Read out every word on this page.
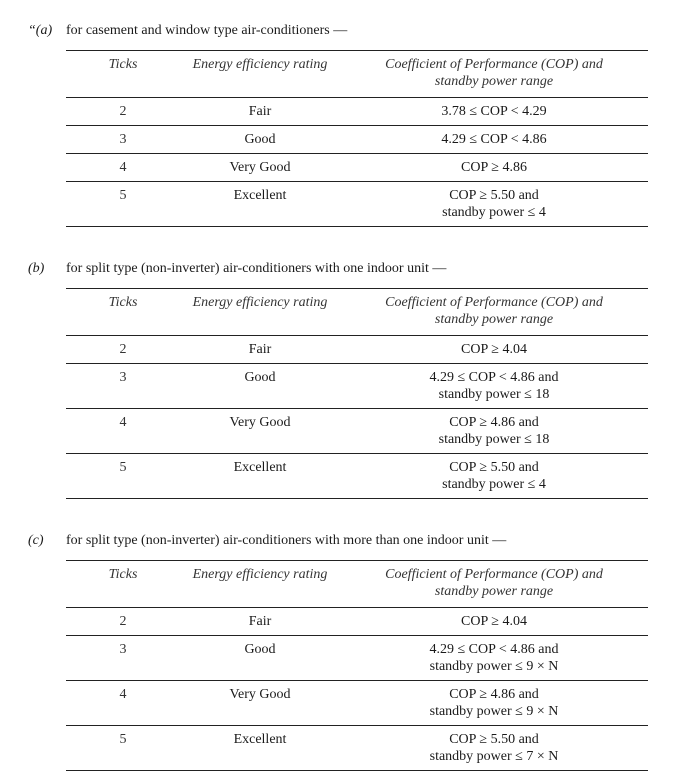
“(a) for casement and window type air-conditioners —
Ticks	Energy efficiency rating	Coefficient of Performance (COP) and
standby power range
2	Fair	3.78 ≤ COP < 4.29
3	Good	4.29 ≤ COP < 4.86
4	Very Good	COP ≥ 4.86
5	Excellent	COP ≥ 5.50 and
standby power ≤ 4
(b) for split type (non-inverter) air-conditioners with one indoor unit —
Ticks	Energy efficiency rating	Coefficient of Performance (COP) and
standby power range
2	Fair	COP ≥ 4.04
3	Good	4.29 ≤ COP < 4.86 and
standby power ≤ 18
4	Very Good	COP ≥ 4.86 and
standby power ≤ 18
5	Excellent	COP ≥ 5.50 and
standby power ≤ 4
(c) for split type (non-inverter) air-conditioners with more than one indoor unit —
Ticks	Energy efficiency rating	Coefficient of Performance (COP) and
standby power range
2	Fair	COP ≥ 4.04
3	Good	4.29 ≤ COP < 4.86 and
standby power ≤ 9 × N
4	Very Good	COP ≥ 4.86 and
standby power ≤ 9 × N
5	Excellent	COP ≥ 5.50 and
standby power ≤ 7 × N
